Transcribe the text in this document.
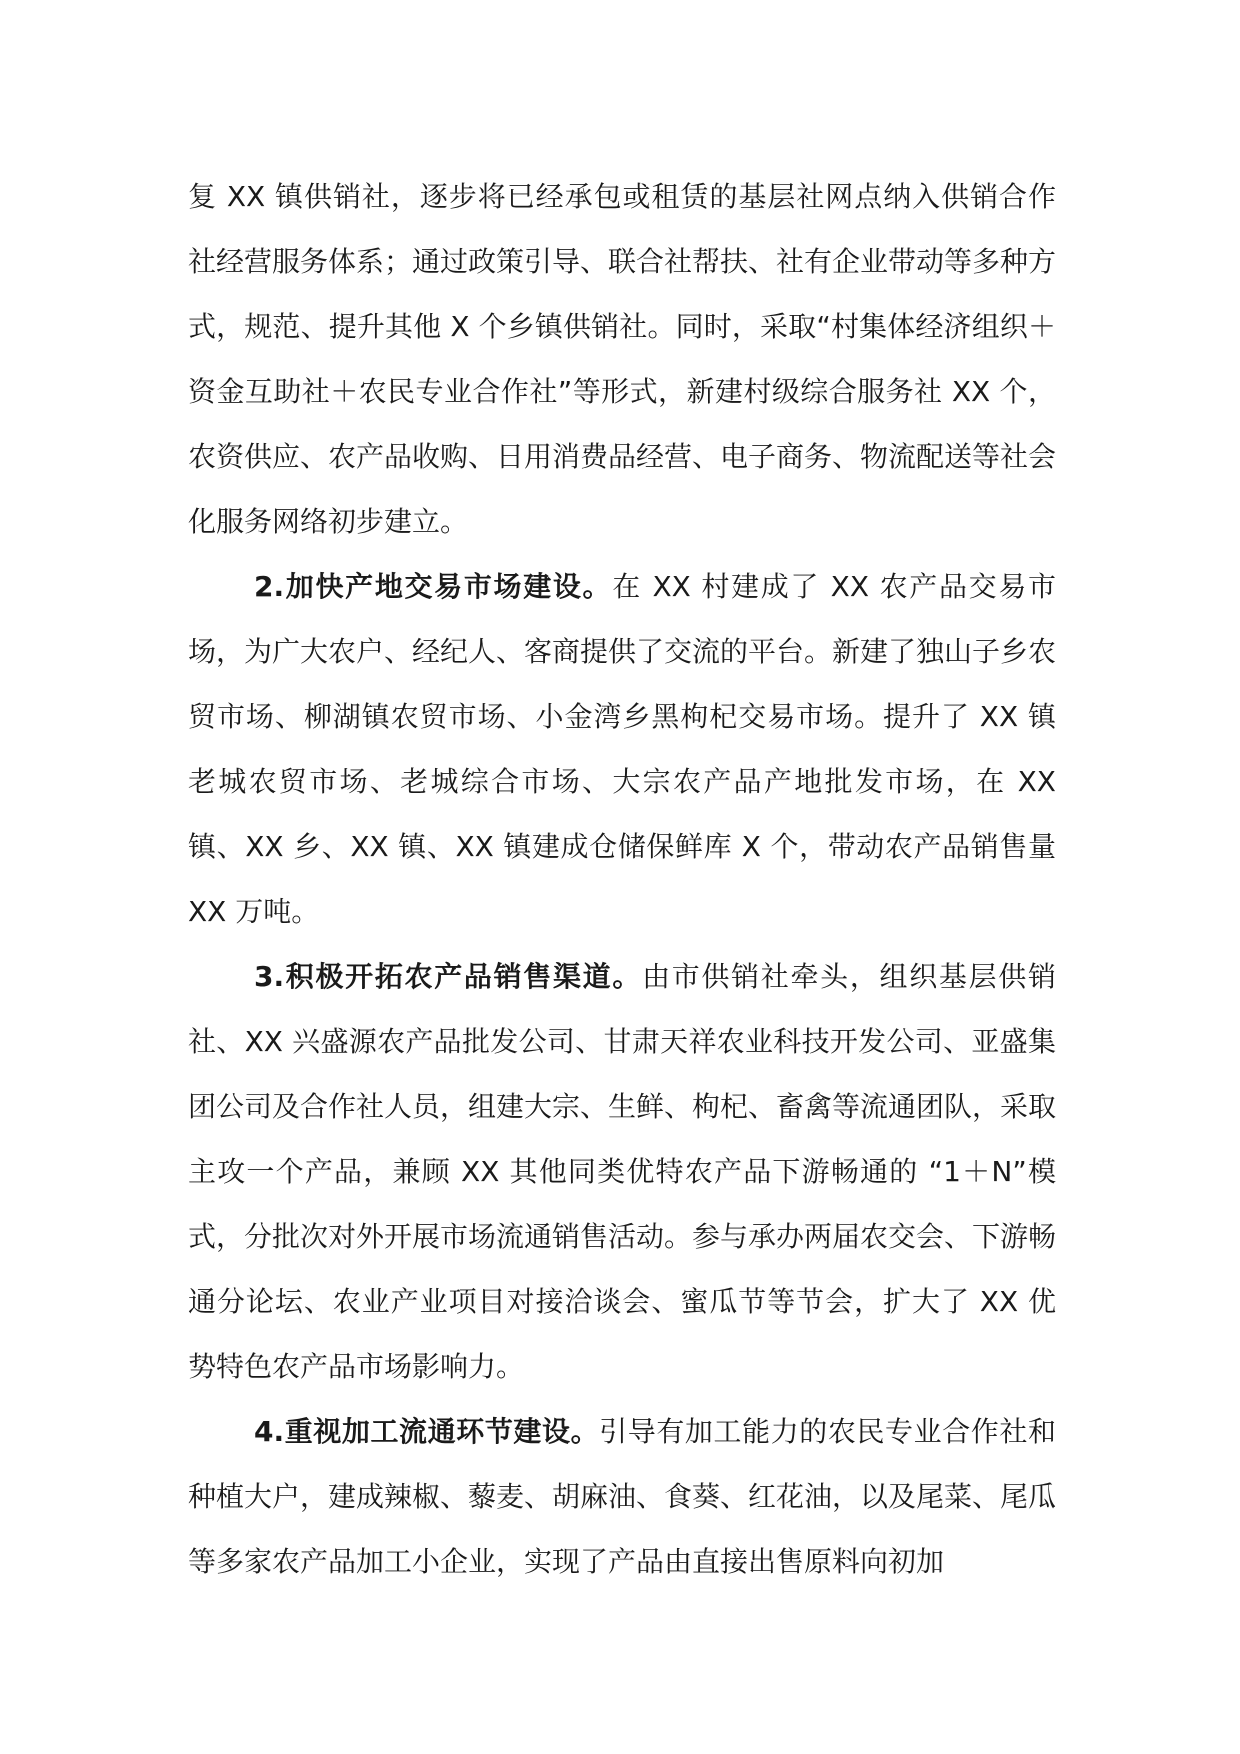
复 XX 镇供销社，逐步将已经承包或租赁的基层社网点纳入供销合作社经营服务体系；通过政策引导、联合社帮扶、社有企业带动等多种方式，规范、提升其他 X 个乡镇供销社。同时，采取“村集体经济组织＋资金互助社＋农民专业合作社”等形式，新建村级综合服务社 XX 个，农资供应、农产品收购、日用消费品经营、电子商务、物流配送等社会化服务网络初步建立。

2.加快产地交易市场建设。在 XX 村建成了 XX 农产品交易市场，为广大农户、经纪人、客商提供了交流的平台。新建了独山子乡农贸市场、柳湖镇农贸市场、小金湾乡黑枸杞交易市场。提升了 XX 镇老城农贸市场、老城综合市场、大宗农产品产地批发市场，在 XX 镇、XX 乡、XX 镇、XX 镇建成仓储保鲜库 X 个，带动农产品销售量 XX 万吨。

3.积极开拓农产品销售渠道。由市供销社牵头，组织基层供销社、XX 兴盛源农产品批发公司、甘肃天祥农业科技开发公司、亚盛集团公司及合作社人员，组建大宗、生鲜、枸杞、畜禽等流通团队，采取主攻一个产品，兼顾 XX 其他同类优特农产品下游畅通的 “1＋N”模式，分批次对外开展市场流通销售活动。参与承办两届农交会、下游畅通分论坛、农业产业项目对接洽谈会、蜜瓜节等节会，扩大了 XX 优势特色农产品市场影响力。

4.重视加工流通环节建设。引导有加工能力的农民专业合作社和种植大户，建成辣椒、藜麦、胡麻油、食葵、红花油，以及尾菜、尾瓜等多家农产品加工小企业，实现了产品由直接出售原料向初加
